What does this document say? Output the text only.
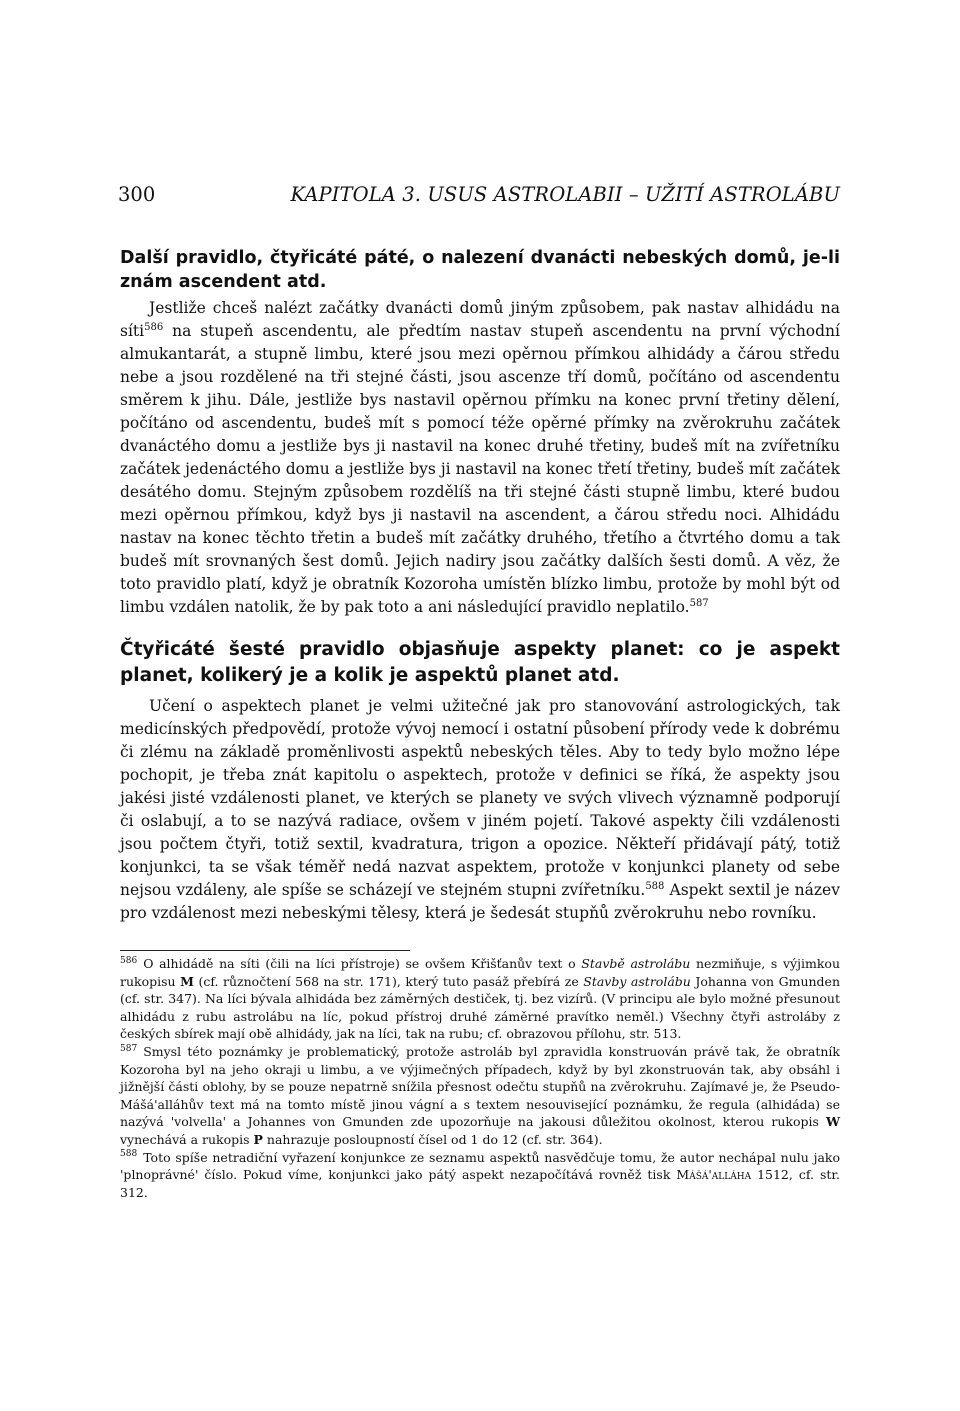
300	KAPITOLA 3. USUS ASTROLABII – UŽITÍ ASTROLÁBU
Další pravidlo, čtyřicáté páté, o nalezení dvanácti nebeských domů, je-li znám ascendent atd.

Jestliže chceš nalézt začátky dvanácti domů jiným způsobem, pak nastav alhidádu na síti$^{586}$ na stupeň ascendentu, ale předtím nastav stupeň ascendentu na první východní almukantarát, a stupně limbu, které jsou mezi opěrnou přímkou alhidády a čárou středu nebe a jsou rozdělené na tři stejné části, jsou ascenze tří domů, počítáno od ascendentu směrem k jihu. Dále, jestliže bys nastavil opěrnou přímku na konec první třetiny dělení, počítáno od ascendentu, budeš mít s pomocí téže opěrné přímky na zvěrokruhu začátek dvanáctého domu a jestliže bys ji nastavil na konec druhé třetiny, budeš mít na zvířetníku začátek jedenáctého domu a jestliže bys ji nastavil na konec třetí třetiny, budeš mít začátek desátého domu. Stejným způsobem rozdělíš na tři stejné části stupně limbu, které budou mezi opěrnou přímkou, když bys ji nastavil na ascendent, a čárou středu noci. Alhidádu nastav na konec těchto třetin a budeš mít začátky druhého, třetího a čtvrtého domu a tak budeš mít srovnaných šest domů. Jejich nadiry jsou začátky dalších šesti domů. A věz, že toto pravidlo platí, když je obratník Kozoroha umístěn blízko limbu, protože by mohl být od limbu vzdálen natolik, že by pak toto a ani následující pravidlo neplatilo.$^{587}$

Čtyřicáté šesté pravidlo objasňuje aspekty planet: co je aspekt planet, kolikerý je a kolik je aspektů planet atd.

Učení o aspektech planet je velmi užitečné jak pro stanovování astrologických, tak medicínských předpovědí, protože vývoj nemocí i ostatní působení přírody vede k dobrému či zlému na základě proměnlivosti aspektů nebeských těles. Aby to tedy bylo možno lépe pochopit, je třeba znát kapitolu o aspektech, protože v definici se říká, že aspekty jsou jakési jisté vzdálenosti planet, ve kterých se planety ve svých vlivech významně podporují či oslabují, a to se nazývá radiace, ovšem v jiném pojetí. Takové aspekty čili vzdálenosti jsou počtem čtyři, totiž sextil, kvadratura, trigon a opozice. Někteří přidávají pátý, totiž konjunkci, ta se však téměř nedá nazvat aspektem, protože v konjunkci planety od sebe nejsou vzdáleny, ale spíše se scházejí ve stejném stupni zvířetníku.$^{588}$ Aspekt sextil je název pro vzdálenost mezi nebeskými tělesy, která je šedesát stupňů zvěrokruhu nebo rovníku.

$^{586}$ O alhidádě na síti (čili na líci přístroje) se ovšem Křišťanův text o Stavbě astrolábu nezmiňuje, s výjimkou rukopisu M (cf. různočtení 568 na str. 171), který tuto pasáž přebírá ze Stavby astrolábu Johanna von Gmunden (cf. str. 347). Na líci bývala alhidáda bez záměrných destiček, tj. bez vizírů. (V principu ale bylo možné přesunout alhidádu z rubu astrolábu na líc, pokud přístroj druhé záměrné pravítko neměl.) Všechny čtyři astroláby z českých sbírek mají obě alhidády, jak na líci, tak na rubu; cf. obrazovou přílohu, str. 513.

$^{587}$ Smysl této poznámky je problematický, protože astroláb byl zpravidla konstruován právě tak, že obratník Kozoroha byl na jeho okraji u limbu, a ve výjimečných případech, když by byl zkonstruován tak, aby obsáhl i jižnější části oblohy, by se pouze nepatrně snížila přesnost odečtu stupňů na zvěrokruhu. Zajímavé je, že Pseudo-Mášá'alláhův text má na tomto místě jinou vágní a s textem nesouvisející poznámku, že regula (alhidáda) se nazývá 'volvella' a Johannes von Gmunden zde upozorňuje na jakousi důležitou okolnost, kterou rukopis W vynechává a rukopis P nahrazuje posloupností čísel od 1 do 12 (cf. str. 364).

$^{588}$ Toto spíše netradiční vyřazení konjunkce ze seznamu aspektů nasvědčuje tomu, že autor nechápal nulu jako 'plnoprávné' číslo. Pokud víme, konjunkci jako pátý aspekt nezapočítává rovněž tisk Mášá'alláha 1512, cf. str. 312.
